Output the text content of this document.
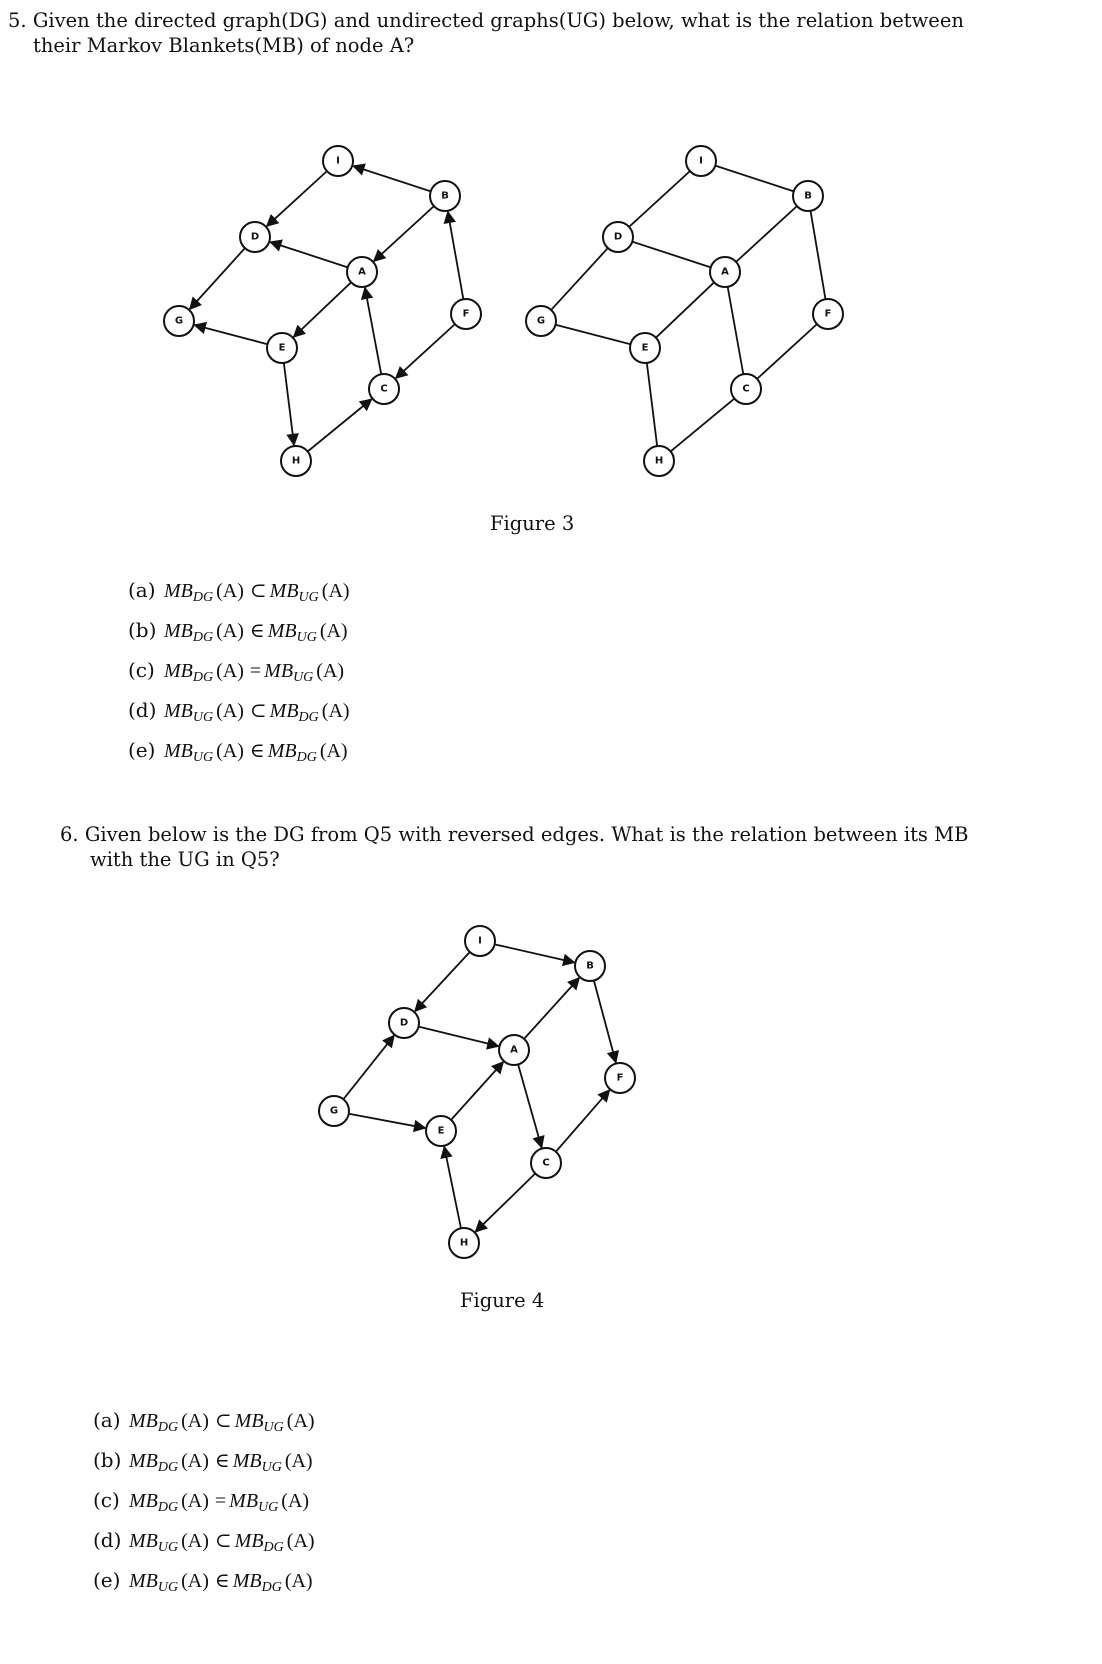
5. Given the directed graph(DG) and undirected graphs(UG) below, what is the relation between
their Markov Blankets(MB) of node A?
I
B
D
A
G
F
E
C
H
I
B
D
A
G
F
E
C
H
Figure 3
(a) $MB_{DG}$ (A) ⊂ $MB_{UG}$ (A)
(b) $MB_{DG}$ (A) ∈ $MB_{UG}$ (A)
(c) $MB_{DG}$ $(A) = MB_{UG}$ (A)
(d) $MB_{UG}$ (A) ⊂ $MB_{DG}$ (A)
(e) $MB_{UG}$ (A) ∈ $MB_{DG}$ (A)
6. Given below is the DG from Q5 with reversed edges. What is the relation between its MB
with the UG in Q5?
I
B
D
A
G
F
E
C
H
Figure 4
(a) $MB_{DG}$ (A) ⊂ $MB_{UG}$ (A)
(b) $MB_{DG}$ (A) ∈ $MB_{UG}$ (A)
(c) $MB_{DG}$ $(A) = MB_{UG}$ (A)
(d) $MB_{UG}$ (A) ⊂ $MB_{DG}$ (A)
(e) $MB_{UG}$ (A) ∈ $MB_{DG}$ (A)
